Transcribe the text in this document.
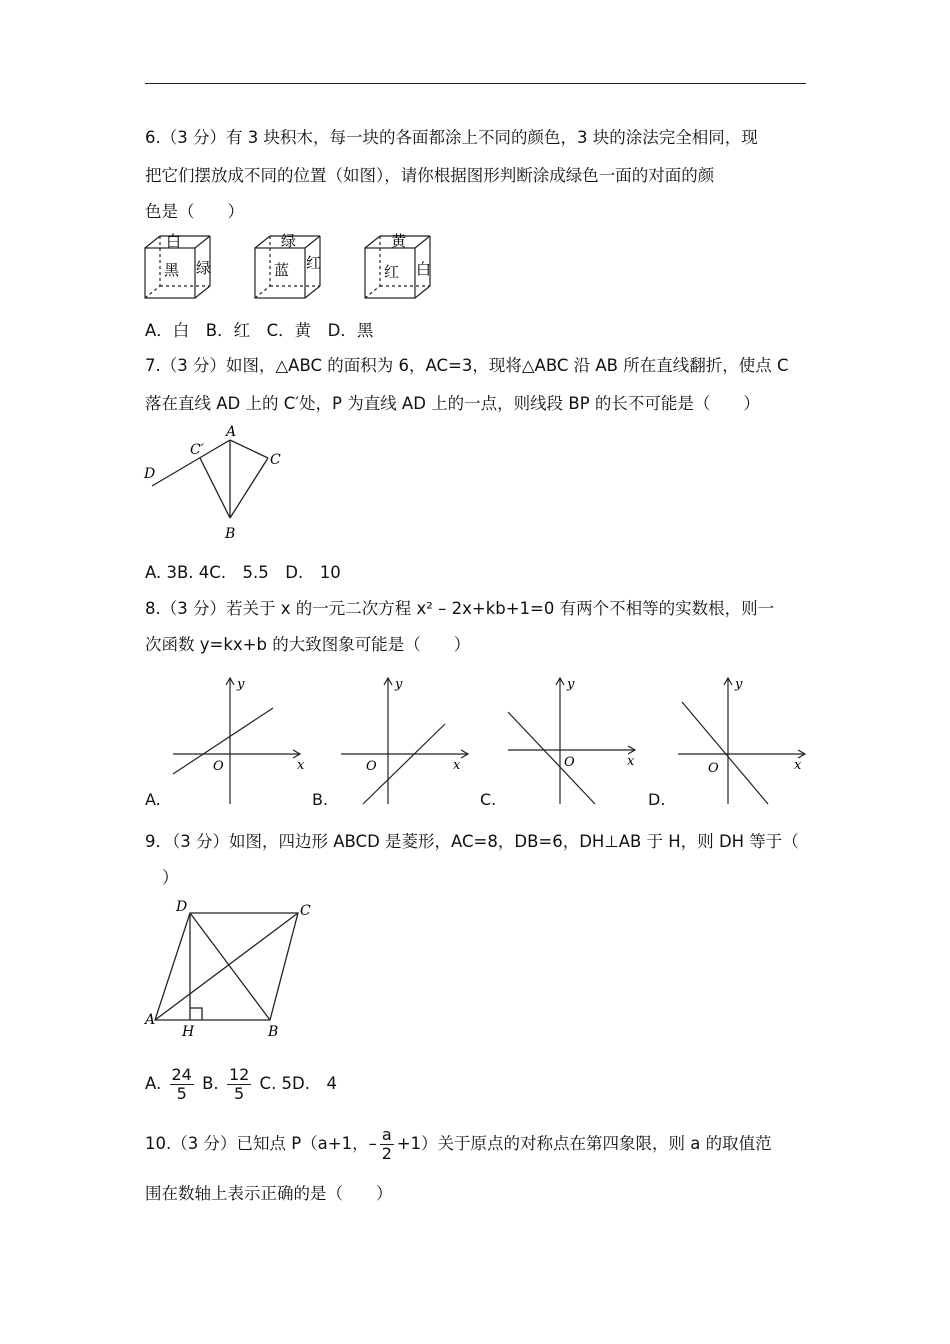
6.（3 分）有 3 块积木，每一块的各面都涂上不同的颜色，3 块的涂法完全相同，现
把它们摆放成不同的位置（如图），请你根据图形判断涂成绿色一面的对面的颜
色是（　　）
白
黑 绿
绿
蓝 红
黄
红 白
A．白　B．红　C．黄　D．黑
7.（3 分）如图，△ABC 的面积为 6，AC=3，现将△ABC 沿 AB 所在直线翻折，使点 C
落在直线 AD 上的 C′处，P 为直线 AD 上的一点，则线段 BP 的长不可能是（　　）
A
B
C
C′
D
A. 3B. 4C.　5.5　D.　10
8.（3 分）若关于 x 的一元二次方程 x² – 2x+kb+1=0 有两个不相等的实数根，则一
次函数 y=kx+b 的大致图象可能是（　　）
y
x
O
y
x
O
y
x
O
y
x
O
A.	B.	C.	D.
9．（3 分）如图，四边形 ABCD 是菱形，AC=8，DB=6，DH⊥AB 于 H，则 DH 等于（
）
A
B
C
D
H
A. $\frac{24}{5} B$. $\frac{12}{5} C$. 5D.　4
10.（3 分）已知点 P（a+1，– $\frac{a}{2} +1$）关于原点的对称点在第四象限，则 a 的取值范
围在数轴上表示正确的是（　　）
